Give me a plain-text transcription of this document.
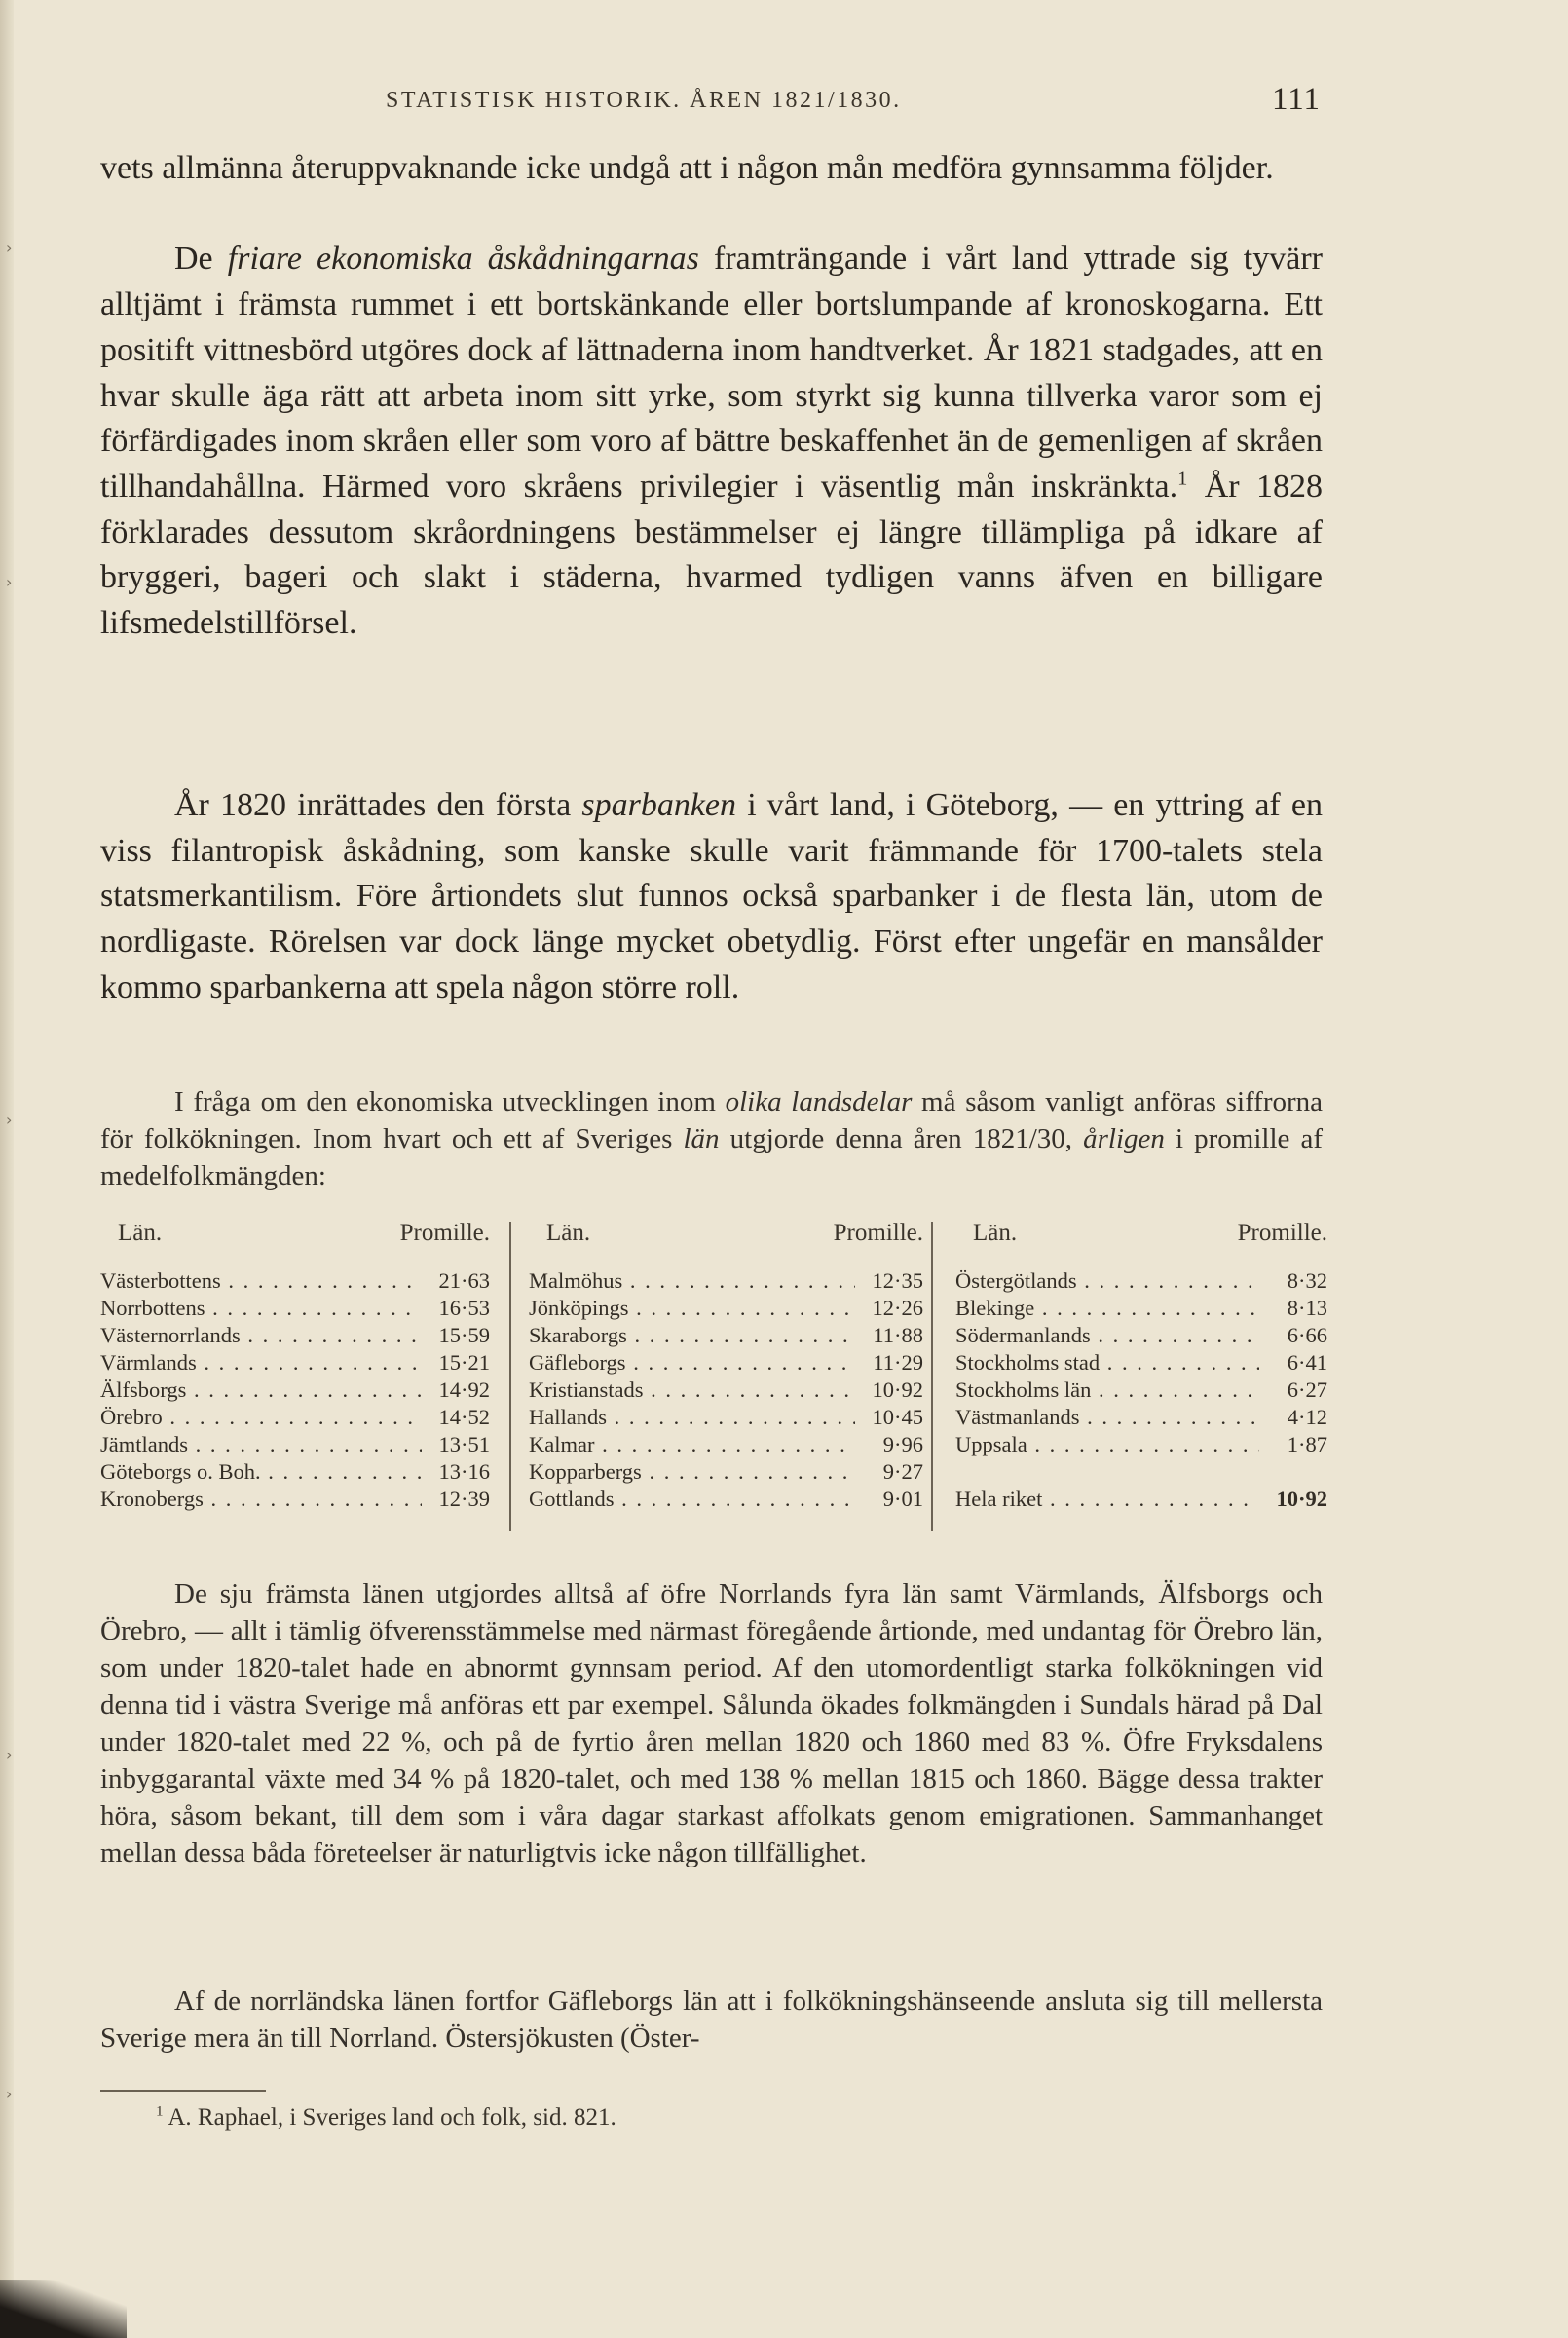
›
›
›
›
›
STATISTISK HISTORIK. ÅREN 1821/1830.	111

vets allmänna återuppvaknande icke undgå att i någon mån medföra gynnsamma följder.

De friare ekonomiska åskådningarnas framträngande i vårt land yttrade sig tyvärr alltjämt i främsta rummet i ett bortskänkande eller bortslumpande af kronoskogarna. Ett positift vittnesbörd utgöres dock af lättnaderna inom handtverket. År 1821 stadgades, att en hvar skulle äga rätt att arbeta inom sitt yrke, som styrkt sig kunna tillverka varor som ej förfärdigades inom skråen eller som voro af bättre beskaffenhet än de gemenligen af skråen tillhandahållna. Härmed voro skråens privilegier i väsentlig mån inskränkta.$^1$ År 1828 förklarades dessutom skråordningens bestämmelser ej längre tillämpliga på idkare af bryggeri, bageri och slakt i städerna, hvarmed tydligen vanns äfven en billigare lifsmedelstillförsel.

År 1820 inrättades den första sparbanken i vårt land, i Göteborg, — en yttring af en viss filantropisk åskådning, som kanske skulle varit främmande för 1700-talets stela statsmerkantilism. Före årtiondets slut funnos också sparbanker i de flesta län, utom de nordligaste. Rörelsen var dock länge mycket obetydlig. Först efter ungefär en mansålder kommo sparbankerna att spela någon större roll.

I fråga om den ekonomiska utvecklingen inom olika landsdelar må såsom vanligt anföras siffrorna för folkökningen. Inom hvart och ett af Sveriges län utgjorde denna åren 1821/30, årligen i promille af medelfolkmängden:

Län.	Promille.
Västerbottens . . .	21·63
Norrbottens . . .	16·53
Västernorrlands . . .	15·59
Värmlands . . .	15·21
Älfsborgs . . .	14·92
Örebro . . .	14·52
Jämtlands . . .	13·51
Göteborgs o. Boh. . . .	13·16
Kronobergs . . .	12·39
Län.	Promille.
Malmöhus . . .	12·35
Jönköpings . . .	12·26
Skaraborgs . . .	11·88
Gäfleborgs . . .	11·29
Kristianstads . . .	10·92
Hallands . . .	10·45
Kalmar . . .	9·96
Kopparbergs . . .	9·27
Gottlands . . .	9·01
Län.	Promille.
Östergötlands . . .	8·32
Blekinge . . .	8·13
Södermanlands . . .	6·66
Stockholms stad . . .	6·41
Stockholms län . . .	6·27
Västmanlands . . .	4·12
Uppsala . . .	1·87
Hela riket . . .	10·92

De sju främsta länen utgjordes alltså af öfre Norrlands fyra län samt Värmlands, Älfsborgs och Örebro, — allt i tämlig öfverensstämmelse med närmast föregående årtionde, med undantag för Örebro län, som under 1820-talet hade en abnormt gynnsam period. Af den utomordentligt starka folkökningen vid denna tid i västra Sverige må anföras ett par exempel. Sålunda ökades folkmängden i Sundals härad på Dal under 1820-talet med 22 %, och på de fyrtio åren mellan 1820 och 1860 med 83 %. Öfre Fryksdalens inbyggarantal växte med 34 % på 1820-talet, och med 138 % mellan 1815 och 1860. Bägge dessa trakter höra, såsom bekant, till dem som i våra dagar starkast affolkats genom emigrationen. Sammanhanget mellan dessa båda företeelser är naturligtvis icke någon tillfällighet.

Af de norrländska länen fortfor Gäfleborgs län att i folkökningshänseende ansluta sig till mellersta Sverige mera än till Norrland. Östersjökusten (Öster-

$^1$ A. Raphael, i Sveriges land och folk, sid. 821.
